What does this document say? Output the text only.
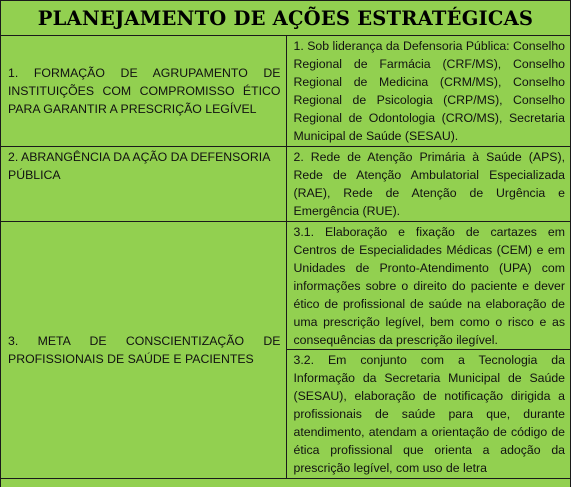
PLANEJAMENTO DE AÇÕES ESTRATÉGICAS
1. FORMAÇÃO DE AGRUPAMENTO DE INSTITUIÇÕES COM COMPROMISSO ÉTICO PARA GARANTIR A PRESCRIÇÃO LEGÍVEL	1. Sob liderança da Defensoria Pública: Conselho Regional de Farmácia (CRF/MS), Conselho Regional de Medicina (CRM/MS), Conselho Regional de Psicologia (CRP/MS), Conselho Regional de Odontologia (CRO/MS), Secretaria Municipal de Saúde (SESAU).
2. ABRANGÊNCIA DA AÇÃO DA DEFENSORIA PÚBLICA	2. Rede de Atenção Primária à Saúde (APS), Rede de Atenção Ambulatorial Especializada (RAE), Rede de Atenção de Urgência e Emergência (RUE).
3. META DE CONSCIENTIZAÇÃO DE PROFISSIONAIS DE SAÚDE E PACIENTES	3.1. Elaboração e fixação de cartazes em Centros de Especialidades Médicas (CEM) e em Unidades de Pronto-Atendimento (UPA) com informações sobre o direito do paciente e dever ético de profissional de saúde na elaboração de uma prescrição legível, bem como o risco e as consequências da prescrição ilegível.
3.2. Em conjunto com a Tecnologia da Informação da Secretaria Municipal de Saúde (SESAU), elaboração de notificação dirigida a profissionais de saúde para que, durante atendimento, atendam a orientação de código de ética profissional que orienta a adoção da prescrição legível, com uso de letra
